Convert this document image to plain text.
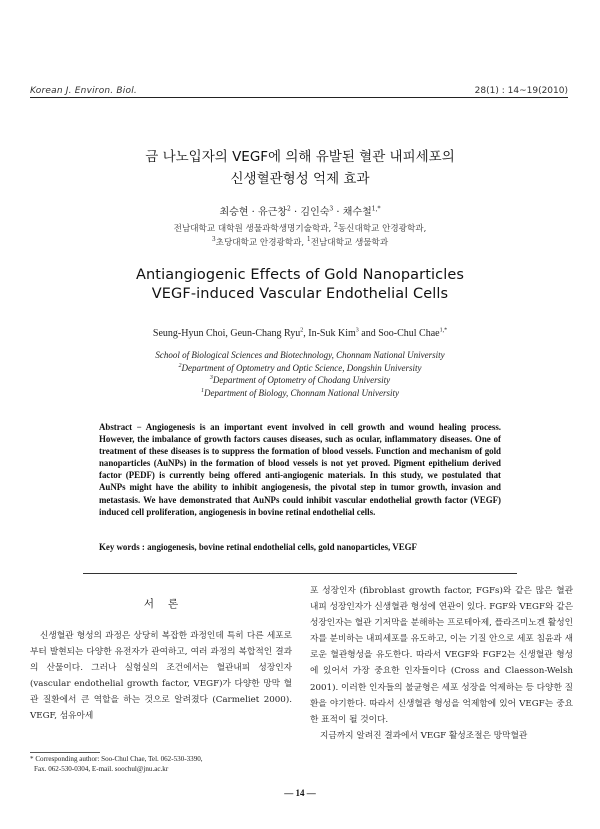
Korean J. Environ. Biol.	28(1) : 14~19(2010)
금 나노입자의 VEGF에 의해 유발된 혈관 내피세포의
신생혈관형성 억제 효과
최승현 · 유근창$^2$ · 김인숙$^3$ · 채수철$^{1,*}$
전남대학교 대학원 생물과학생명기술학과, $^2$동신대학교 안경광학과,
$^3$초당대학교 안경광학과, $^1$전남대학교 생물학과
Antiangiogenic Effects of Gold Nanoparticles
VEGF-induced Vascular Endothelial Cells
Seung-Hyun Choi, Geun-Chang Ryu$^2$, In-Suk Kim$^3$ and Soo-Chul Chae$^{1,*}$
School of Biological Sciences and Biotechnology, Chonnam National University
$^2$Department of Optometry and Optic Science, Dongshin University
$^3$Department of Optometry of Chodang University
$^1$Department of Biology, Chonnam National University
Abstract − Angiogenesis is an important event involved in cell growth and wound healing process. However, the imbalance of growth factors causes diseases, such as ocular, inflammatory diseases. One of treatment of these diseases is to suppress the formation of blood vessels. Function and mechanism of gold nanoparticles (AuNPs) in the formation of blood vessels is not yet proved. Pigment epithelium derived factor (PEDF) is currently being offered anti-angiogenic materials. In this study, we postulated that AuNPs might have the ability to inhibit angiogenesis, the pivotal step in tumor growth, invasion and metastasis. We have demonstrated that AuNPs could inhibit vascular endothelial growth factor (VEGF) induced cell proliferation, angiogenesis in bovine retinal endothelial cells.
Key words : angiogenesis, bovine retinal endothelial cells, gold nanoparticles, VEGF
서론

신생혈관 형성의 과정은 상당히 복잡한 과정인데 특히 다른 세포로부터 발현되는 다양한 유전자가 관여하고, 여러 과정의 복합적인 결과의 산물이다. 그러나 실험실의 조건에서는 혈관내피 성장인자 (vascular endothelial growth factor, VEGF)가 다양한 망막 혈관 질환에서 큰 역할을 하는 것으로 알려졌다 (Carmeliet 2000). VEGF, 섬유아세

포 성장인자 (fibroblast growth factor, FGFs)와 같은 많은 혈관내피 성장인자가 신생혈관 형성에 연관이 있다. FGF와 VEGF와 같은 성장인자는 혈관 기저막을 분해하는 프로테아제, 플라즈미노겐 활성인자를 분비하는 내피세포를 유도하고, 이는 기질 안으로 세포 침윤과 새로운 혈관형성을 유도한다. 따라서 VEGF와 FGF2는 신생혈관 형성에 있어서 가장 중요한 인자들이다 (Cross and Claesson-Welsh 2001). 이러한 인자들의 불균형은 세포 성장을 억제하는 등 다양한 질환을 야기한다. 따라서 신생혈관 형성을 억제함에 있어 VEGF는 중요한 표적이 될 것이다.

지금까지 알려진 결과에서 VEGF 활성조절은 망막혈관

* Corresponding author: Soo-Chul Chae, Tel. 062-530-3390,
Fax. 062-530-0304, E-mail. soochul@jnu.ac.kr
— 14 —
